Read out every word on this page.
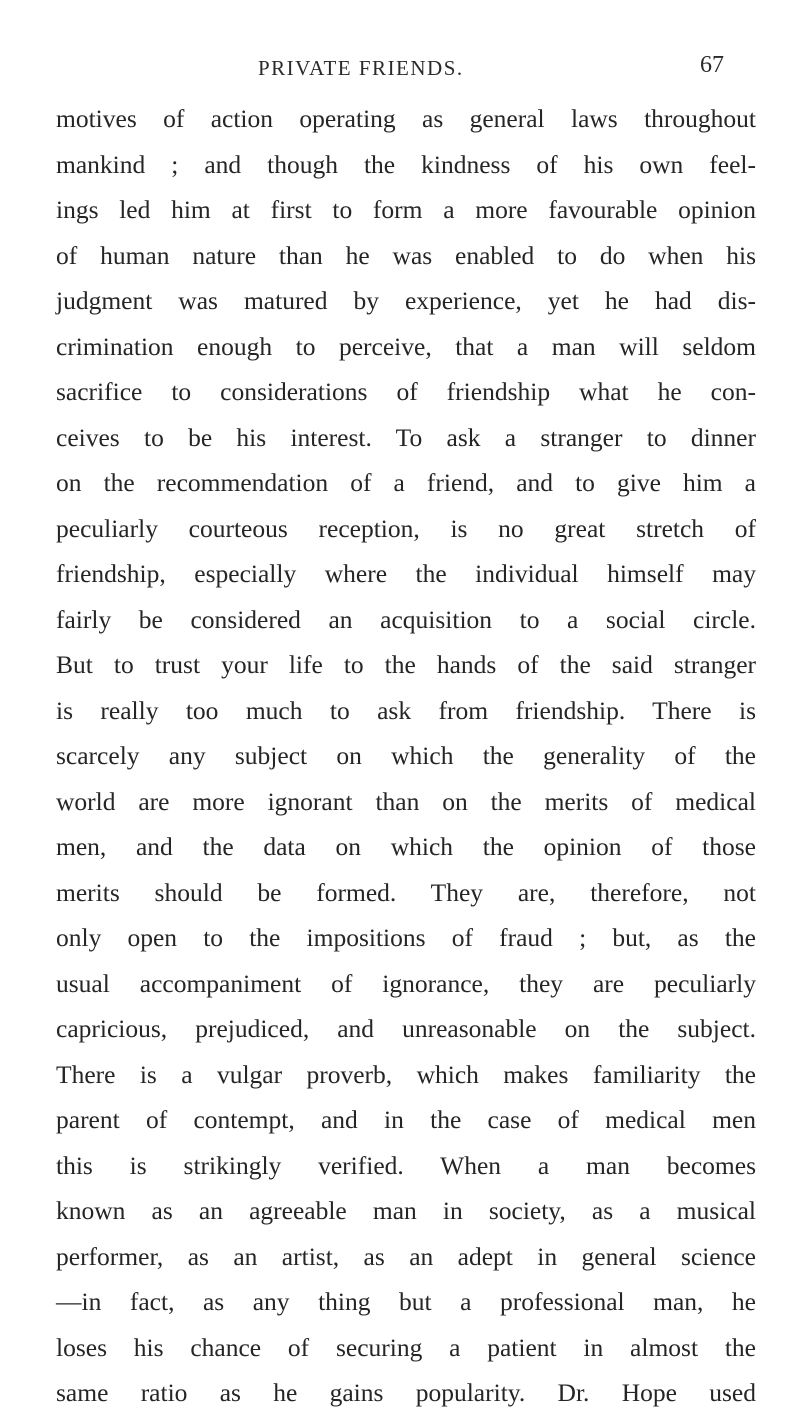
PRIVATE FRIENDS.	67
motives of action operating as general laws throughout
mankind ; and though the kindness of his own feel-
ings led him at first to form a more favourable opinion
of human nature than he was enabled to do when his
judgment was matured by experience, yet he had dis-
crimination enough to perceive, that a man will seldom
sacrifice to considerations of friendship what he con-
ceives to be his interest. To ask a stranger to dinner
on the recommendation of a friend, and to give him a
peculiarly courteous reception, is no great stretch of
friendship, especially where the individual himself may
fairly be considered an acquisition to a social circle.
But to trust your life to the hands of the said stranger
is really too much to ask from friendship. There is
scarcely any subject on which the generality of the
world are more ignorant than on the merits of medical
men, and the data on which the opinion of those
merits should be formed. They are, therefore, not
only open to the impositions of fraud ; but, as the
usual accompaniment of ignorance, they are peculiarly
capricious, prejudiced, and unreasonable on the subject.
There is a vulgar proverb, which makes familiarity the
parent of contempt, and in the case of medical men
this is strikingly verified. When a man becomes
known as an agreeable man in society, as a musical
performer, as an artist, as an adept in general science
—in fact, as any thing but a professional man, he
loses his chance of securing a patient in almost the
same ratio as he gains popularity. Dr. Hope used
